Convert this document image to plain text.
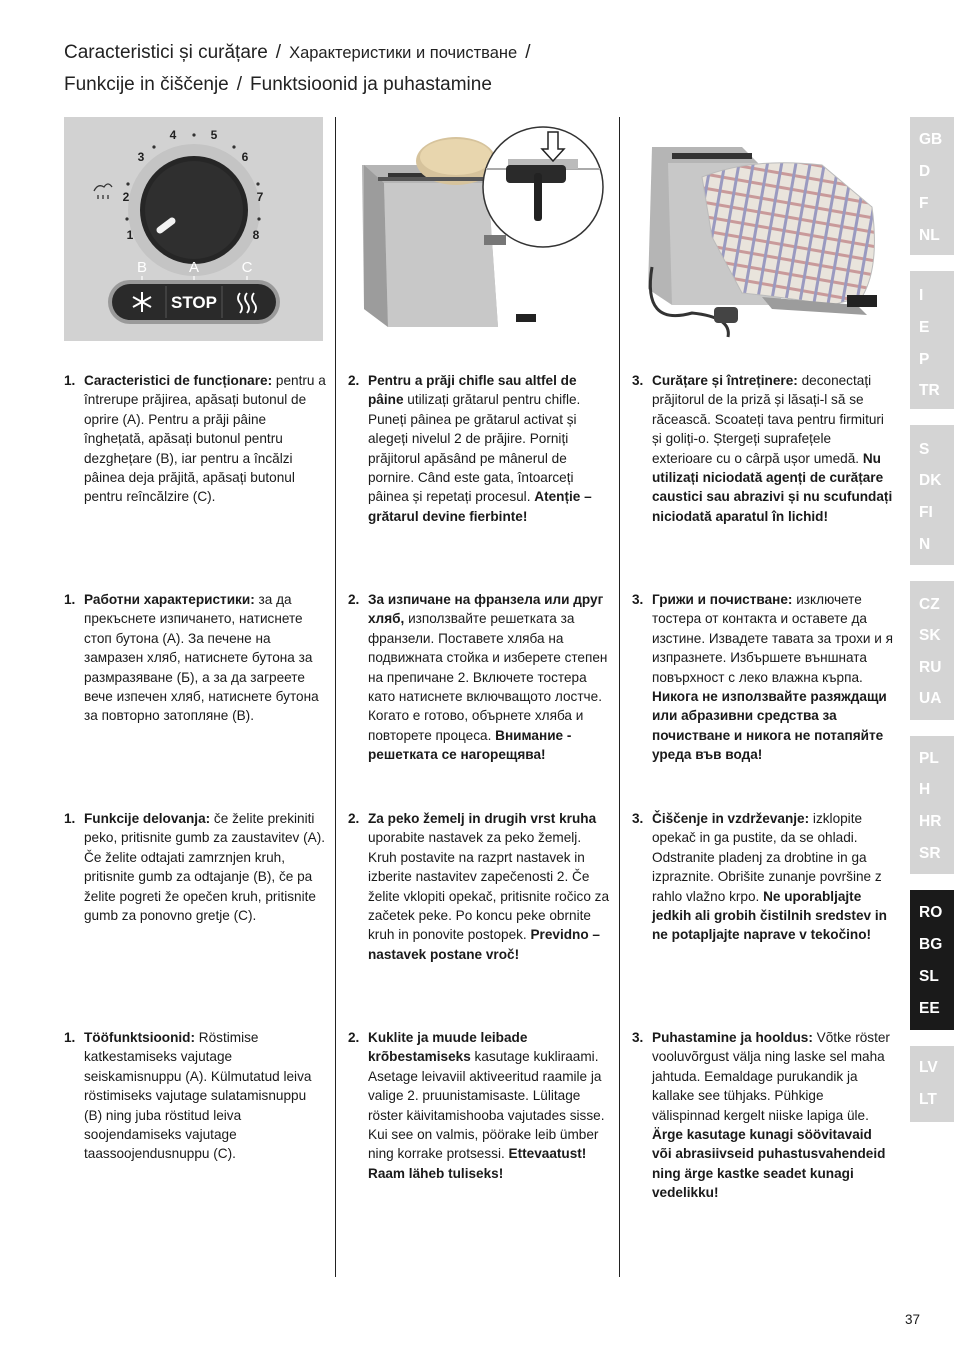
Caracteristici și curățare / Характеристики и почистване /
Funkcije in čiščenje / Funktsioonid ja puhastamine
1
2
3
4	5
6
7
8
B	A	C
STOP
1. Caracteristici de funcționare: pentru a întrerupe prăjirea, apăsați butonul de oprire (A). Pentru a prăji pâine înghețată, apăsați butonul pentru dezghețare (B), iar pentru a încălzi pâinea deja prăjită, apăsați butonul pentru reîncălzire (C).
2. Pentru a prăji chifle sau altfel de pâine utilizați grătarul pentru chifle. Puneți pâinea pe grătarul activat și alegeți nivelul 2 de prăjire. Porniți prăjitorul apăsând pe mânerul de pornire. Când este gata, întoarceți pâinea și repetați procesul. Atenție – grătarul devine fierbinte!
3. Curățare și întreținere: deconectați prăjitorul de la priză și lăsați-l să se răcească. Scoateți tava pentru firmituri și goliți-o. Ștergeți suprafețele exterioare cu o cârpă ușor umedă. Nu utilizați niciodată agenți de curățare caustici sau abrazivi și nu scufundați niciodată aparatul în lichid!
1. Работни характеристики: за да прекъснете изпичането, натиснете стоп бутона (A). За печене на замразен хляб, натиснете бутона за размразяване (Б), а за да загреете вече изпечен хляб, натиснете бутона за повторно затопляне (В).
2. За изпичане на франзела или друг хляб, използвайте решетката за франзели. Поставете хляба на подвижната стойка и изберете степен на препичане 2. Включете тостера като натиснете включващото лостче. Когато е готово, обърнете хляба и повторете процеса. Внимание - решетката се нагорещява!
3. Грижи и почистване: изключете тостера от контакта и оставете да изстине. Извадете тавата за трохи и я изпразнете. Избършете външната повърхност с леко влажна кърпа. Никога не използвайте разяждащи или абразивни средства за почистване и никога не потапяйте уреда във вода!
1. Funkcije delovanja: če želite prekiniti peko, pritisnite gumb za zaustavitev (A). Če želite odtajati zamrznjen kruh, pritisnite gumb za odtajanje (B), če pa želite pogreti že opečen kruh, pritisnite gumb za ponovno gretje (C).
2. Za peko žemelj in drugih vrst kruha uporabite nastavek za peko žemelj. Kruh postavite na razprt nastavek in izberite nastavitev zapečenosti 2. Če želite vklopiti opekač, pritisnite ročico za začetek peke. Po koncu peke obrnite kruh in ponovite postopek. Previdno – nastavek postane vroč!
3. Čiščenje in vzdrževanje: izklopite opekač in ga pustite, da se ohladi. Odstranite pladenj za drobtine in ga izpraznite. Obrišite zunanje površine z rahlo vlažno krpo. Ne uporabljajte jedkih ali grobih čistilnih sredstev in ne potapljajte naprave v tekočino!
1. Tööfunktsioonid: Röstimise katkestamiseks vajutage seiskamisnuppu (A). Külmutatud leiva röstimiseks vajutage sulatamisnuppu (B) ning juba röstitud leiva soojendamiseks vajutage taassoojendusnuppu (C).
2. Kuklite ja muude leibade krõbestamiseks kasutage kukliraami. Asetage leivaviil aktiveeritud raamile ja valige 2. pruunistamisaste. Lülitage röster käivitamishooba vajutades sisse. Kui see on valmis, pöörake leib ümber ning korrake protsessi. Ettevaatust! Raam läheb tuliseks!
3. Puhastamine ja hooldus: Võtke röster vooluvõrgust välja ning laske sel maha jahtuda. Eemaldage purukandik ja kallake see tühjaks. Pühkige välispinnad kergelt niiske lapiga üle. Ärge kasutage kunagi söövitavaid või abrasiivseid puhastusvahendeid ning ärge kastke seadet kunagi vedelikku!
GB
D
F
NL
I
E
P
TR
S
DK
FI
N
CZ
SK
RU
UA
PL
H
HR
SR
RO
BG
SL
EE
LV
LT
37
